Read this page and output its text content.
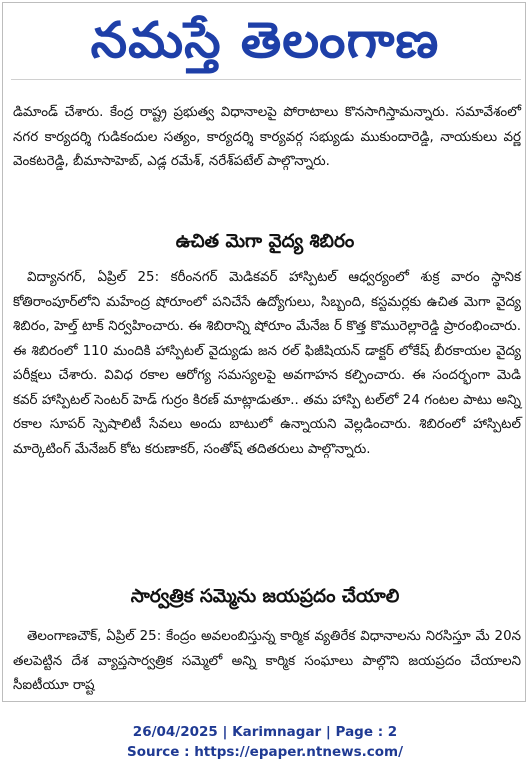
నమస్తే తెలంగాణ

డిమాండ్ చేశారు. కేంద్ర రాష్ట్ర ప్రభుత్వ విధానాలపై పోరాటాలు కొనసాగిస్తామన్నారు. సమావేశంలో నగర కార్యదర్శి గుడికందుల సత్యం, కార్యదర్శి కార్యవర్గ సభ్యుడు ముకుందారెడ్డి, నాయకులు వర్ణ వెంకటరెడ్డి, బీమాసాహెబ్, ఎడ్ల రమేశ్, నరేశ్‌పటేల్ పాల్గొన్నారు.

ఉచిత మెగా వైద్య శిబిరం

విద్యానగర్, ఏప్రిల్ 25: కరీంనగర్ మెడికవర్ హాస్పిటల్ ఆధ్వర్యంలో శుక్ర వారం స్థానిక కోతిరాంపూర్‌లోని మహేంద్ర షోరూంలో పనిచేసే ఉద్యోగులు, సిబ్బంది, కస్టమర్లకు ఉచిత మెగా వైద్య శిబిరం, హెల్త్ టాక్ నిర్వహించారు. ఈ శిబిరాన్ని షోరూం మేనేజ ర్ కొత్త కొమురెల్లారెడ్డి ప్రారంభించారు. ఈ శిబిరంలో 110 మందికి హాస్పిటల్ వైద్యుడు జన రల్ ఫిజీషియన్ డాక్టర్ లోకేష్ బీరకాయల వైద్య పరీక్షలు చేశారు. వివిధ రకాల ఆరోగ్య సమస్యలపై అవగాహన కల్పించారు. ఈ సందర్భంగా మెడి కవర్ హాస్పిటల్ సెంటర్ హెడ్ గుర్రం కిరణ్ మాట్లాడుతూ.. తమ హాస్పి టల్‌లో 24 గంటల పాటు అన్ని రకాల సూపర్ స్పెషాలిటీ సేవలు అందు బాటులో ఉన్నాయని వెల్లడించారు. శిబిరంలో హాస్పిటల్ మార్కెటింగ్ మేనేజర్ కోట కరుణాకర్, సంతోష్ తదితరులు పాల్గొన్నారు.

సార్వత్రిక సమ్మెను జయప్రదం చేయాలి

తెలంగాణచౌక్, ఏప్రిల్ 25: కేంద్రం అవలంబిస్తున్న కార్మిక వ్యతిరేక విధానాలను నిరసిస్తూ మే 20న తలపెట్టిన దేశ వ్యాప్తసార్వత్రిక సమ్మెలో అన్ని కార్మిక సంఘాలు పాల్గొని జయప్రదం చేయాలని సీఐటీయూ రాష్ట

26/04/2025 | Karimnagar | Page : 2
Source : https://epaper.ntnews.com/
